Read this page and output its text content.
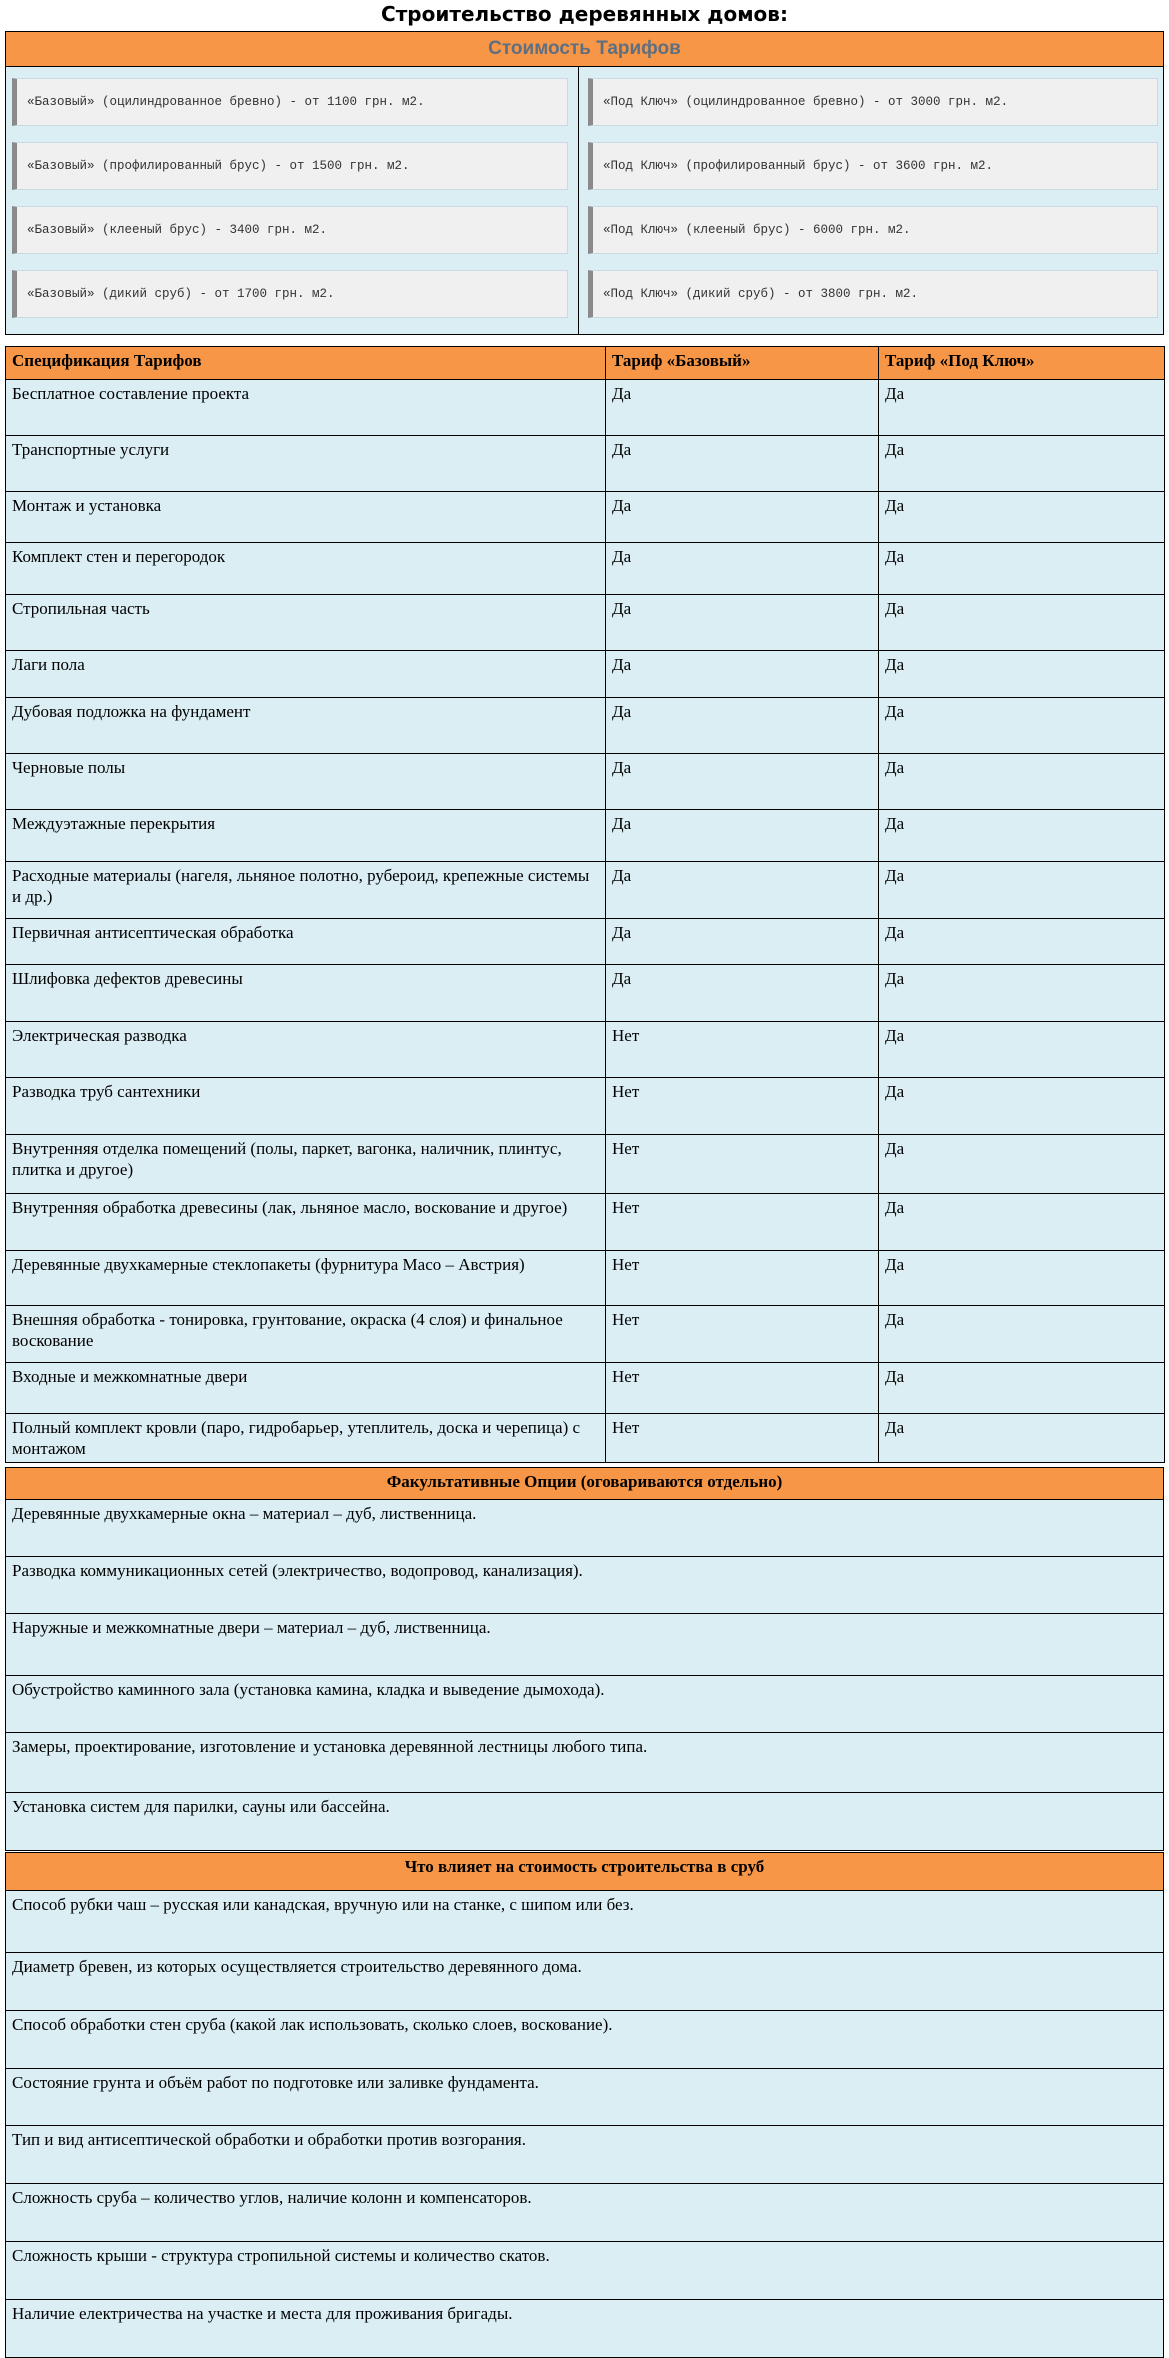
Строительство деревянных домов:
Стоимость Тарифов
«Базовый» (оцилиндрованное бревно) - от 1100 грн. м2.
«Базовый» (профилированный брус) - от 1500 грн. м2.
«Базовый» (клееный брус) - 3400 грн. м2.
«Базовый» (дикий сруб) - от 1700 грн. м2.
«Под Ключ» (оцилиндрованное бревно) - от 3000 грн. м2.
«Под Ключ» (профилированный брус) - от 3600 грн. м2.
«Под Ключ» (клееный брус) - 6000 грн. м2.
«Под Ключ» (дикий сруб) - от 3800 грн. м2.
Спецификация Тарифов	Тариф «Базовый»	Тариф «Под Ключ»
Бесплатное составление проекта	Да	Да
Транспортные услуги	Да	Да
Монтаж и установка	Да	Да
Комплект стен и перегородок	Да	Да
Стропильная часть	Да	Да
Лаги пола	Да	Да
Дубовая подложка на фундамент	Да	Да
Черновые полы	Да	Да
Междуэтажные перекрытия	Да	Да
Расходные материалы (нагеля, льняное полотно, рубероид, крепежные системы и др.)	Да	Да
Первичная антисептическая обработка	Да	Да
Шлифовка дефектов древесины	Да	Да
Электрическая разводка	Нет	Да
Разводка труб сантехники	Нет	Да
Внутренняя отделка помещений (полы, паркет, вагонка, наличник, плинтус, плитка и другое)	Нет	Да
Внутренняя обработка древесины (лак, льняное масло, воскование и другое)	Нет	Да
Деревянные двухкамерные стеклопакеты (фурнитура Maco – Австрия)	Нет	Да
Внешняя обработка - тонировка, грунтование, окраска (4 слоя) и финальное воскование	Нет	Да
Входные и межкомнатные двери	Нет	Да
Полный комплект кровли (паро, гидробарьер, утеплитель, доска и черепица) с монтажом	Нет	Да
Факультативные Опции (оговариваются отдельно)
Деревянные двухкамерные окна – материал – дуб, лиственница.
Разводка коммуникационных сетей (электричество, водопровод, канализация).
Наружные и межкомнатные двери – материал – дуб, лиственница.
Обустройство каминного зала (установка камина, кладка и выведение дымохода).
Замеры, проектирование, изготовление и установка деревянной лестницы любого типа.
Установка систем для парилки, сауны или бассейна.
Что влияет на стоимость строительства в сруб
Способ рубки чаш – русская или канадская, вручную или на станке, с шипом или без.
Диаметр бревен, из которых осуществляется строительство деревянного дома.
Способ обработки стен сруба (какой лак использовать, сколько слоев, воскование).
Состояние грунта и объём работ по подготовке или заливке фундамента.
Тип и вид антисептической обработки и обработки против возгорания.
Сложность сруба – количество углов, наличие колонн и компенсаторов.
Сложность крыши - структура стропильной системы и количество скатов.
Наличие електричества на участке и места для проживания бригады.
